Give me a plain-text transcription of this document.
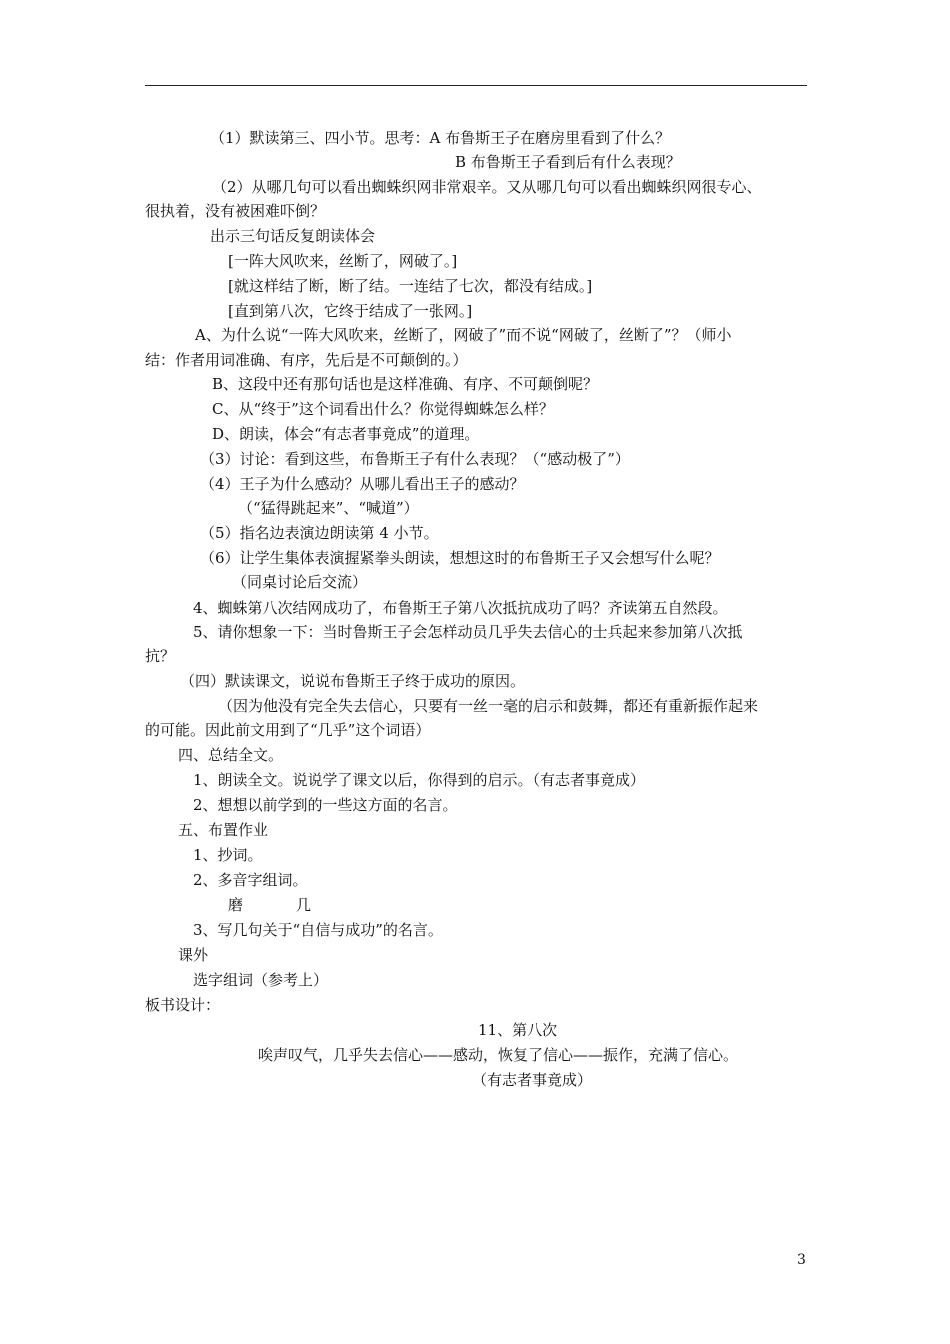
（1）默读第三、四小节。思考：A 布鲁斯王子在磨房里看到了什么？
B 布鲁斯王子看到后有什么表现？
（2）从哪几句可以看出蜘蛛织网非常艰辛。又从哪几句可以看出蜘蛛织网很专心、
很执着，没有被困难吓倒？
出示三句话反复朗读体会
[一阵大风吹来，丝断了，网破了。]
[就这样结了断，断了结。一连结了七次，都没有结成。]
[直到第八次，它终于结成了一张网。]
A、为什么说“一阵大风吹来，丝断了，网破了”而不说“网破了，丝断了”？（师小
结：作者用词准确、有序，先后是不可颠倒的。）
B、这段中还有那句话也是这样准确、有序、不可颠倒呢？
C、从“终于”这个词看出什么？你觉得蜘蛛怎么样？
D、朗读，体会“有志者事竟成”的道理。
（3）讨论：看到这些，布鲁斯王子有什么表现？（“感动极了”）
（4）王子为什么感动？从哪儿看出王子的感动？
（“猛得跳起来”、“喊道”）
（5）指名边表演边朗读第 4 小节。
（6）让学生集体表演握紧拳头朗读，想想这时的布鲁斯王子又会想写什么呢？
（同桌讨论后交流）
4、蜘蛛第八次结网成功了，布鲁斯王子第八次抵抗成功了吗？齐读第五自然段。
5、请你想象一下：当时鲁斯王子会怎样动员几乎失去信心的士兵起来参加第八次抵
抗？
（四）默读课文，说说布鲁斯王子终于成功的原因。
（因为他没有完全失去信心，只要有一丝一毫的启示和鼓舞，都还有重新振作起来
的可能。因此前文用到了“几乎”这个词语）
四、总结全文。
1、朗读全文。说说学了课文以后，你得到的启示。（有志者事竟成）
2、想想以前学到的一些这方面的名言。
五、布置作业
1、抄词。
2、多音字组词。
磨	几
3、写几句关于“自信与成功”的名言。
课外
选字组词（参考上）
板书设计：
11、第八次
唉声叹气，几乎失去信心——感动，恢复了信心——振作，充满了信心。
（有志者事竟成）
3
